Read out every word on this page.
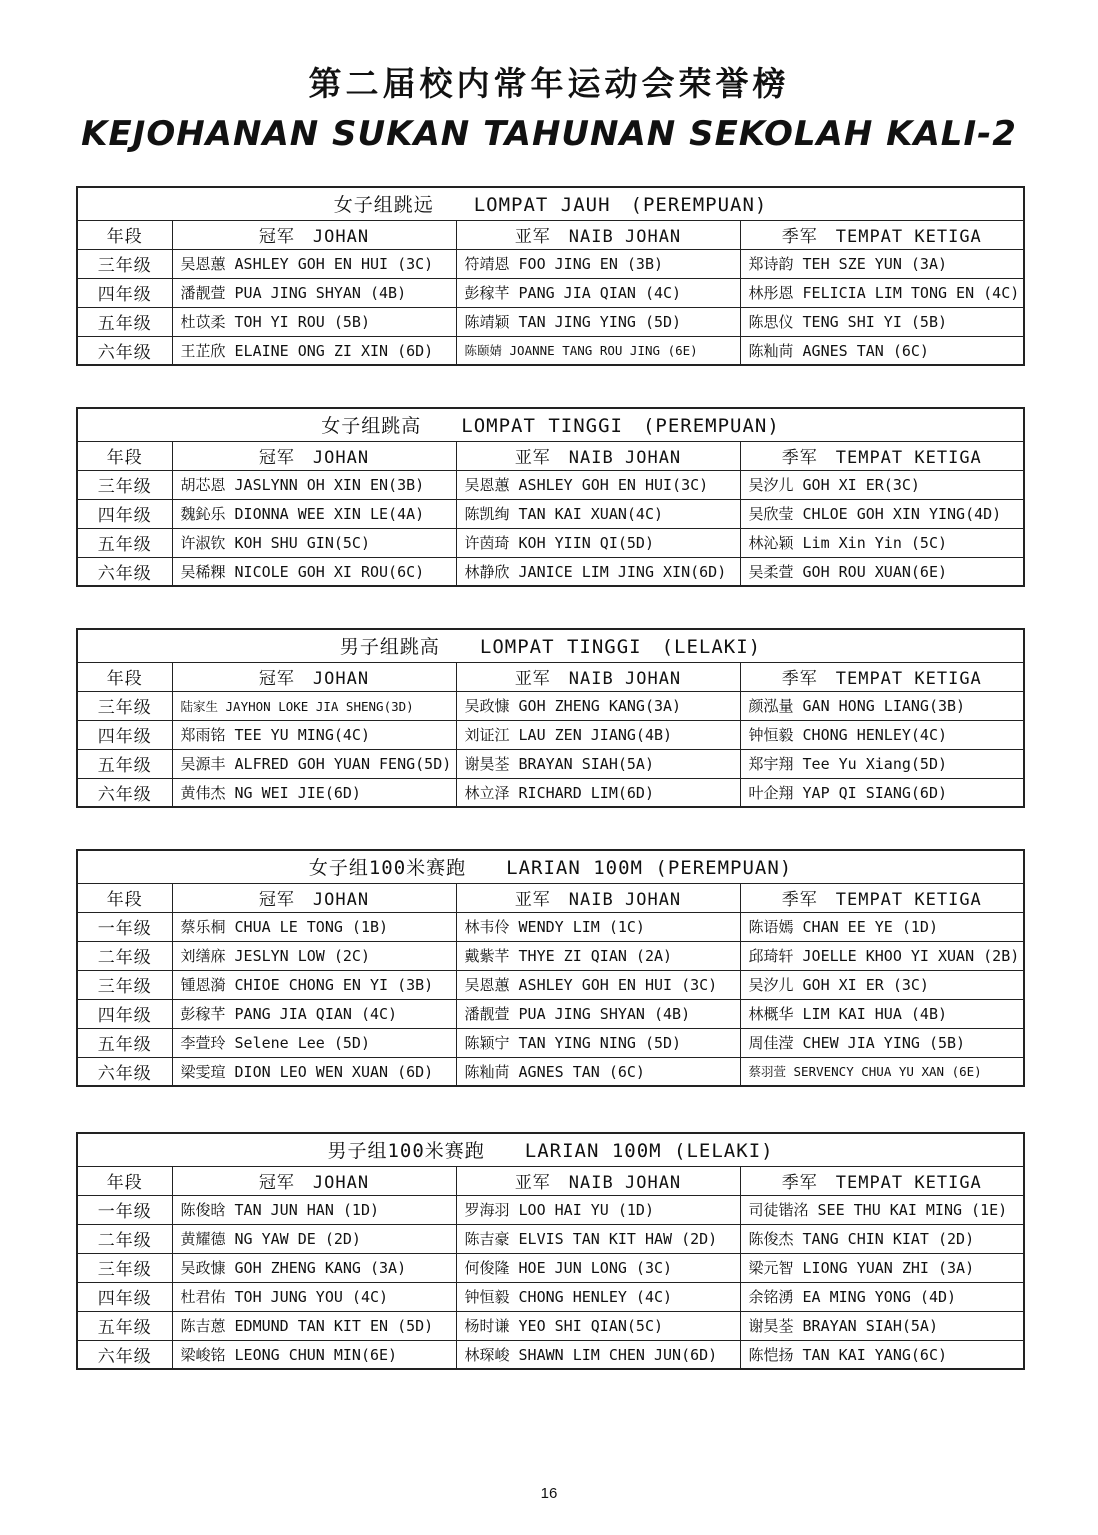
第二届校内常年运动会荣誉榜
KEJOHANAN SUKAN TAHUNAN SEKOLAH KALI-2
女子组跳远　　LOMPAT JAUH　(PEREMPUAN)			
年段	冠军　JOHAN	亚军　NAIB JOHAN	季军　TEMPAT KETIGA
三年级	吴恩蕙 ASHLEY GOH EN HUI (3C)	符靖恩 FOO JING EN (3B)	郑诗韵 TEH SZE YUN (3A)
四年级	潘靓萱 PUA JING SHYAN (4B)	彭稼芊 PANG JIA QIAN (4C)	林彤恩 FELICIA LIM TONG EN (4C)
五年级	杜苡柔 TOH YI ROU (5B)	陈靖颖 TAN JING YING (5D)	陈思仪 TENG SHI YI (5B)
六年级	王芷欣 ELAINE ONG ZI XIN (6D)	陈颐婧 JOANNE TANG ROU JING (6E)	陈籼苘 AGNES TAN (6C)
女子组跳高　　LOMPAT TINGGI　(PEREMPUAN)			
年段	冠军　JOHAN	亚军　NAIB JOHAN	季军　TEMPAT KETIGA
三年级	胡芯恩 JASLYNN OH XIN EN(3B)	吴恩蕙 ASHLEY GOH EN HUI(3C)	吴汐儿 GOH XI ER(3C)
四年级	魏鈊乐 DIONNA WEE XIN LE(4A)	陈凯绚 TAN KAI XUAN(4C)	吴欣莹 CHLOE GOH XIN YING(4D)
五年级	许淑钦 KOH SHU GIN(5C)	许茵琦 KOH YIIN QI(5D)	林沁颖 Lim Xin Yin (5C)
六年级	吴稀粿 NICOLE GOH XI ROU(6C)	林静欣 JANICE LIM JING XIN(6D)	吴柔萱 GOH ROU XUAN(6E)
男子组跳高　　LOMPAT TINGGI　(LELAKI)			
年段	冠军　JOHAN	亚军　NAIB JOHAN	季军　TEMPAT KETIGA
三年级	陆家生 JAYHON LOKE JIA SHENG(3D)	吴政慷 GOH ZHENG KANG(3A)	颜泓量 GAN HONG LIANG(3B)
四年级	郑雨铭 TEE YU MING(4C)	刘证江 LAU ZEN JIANG(4B)	钟恒毅 CHONG HENLEY(4C)
五年级	吴源丰 ALFRED GOH YUAN FENG(5D)	谢昊荃 BRAYAN SIAH(5A)	郑宇翔 Tee Yu Xiang(5D)
六年级	黄伟杰 NG WEI JIE(6D)	林立泽 RICHARD LIM(6D)	叶企翔 YAP QI SIANG(6D)
女子组100米赛跑　　LARIAN 100M (PEREMPUAN)			
年段	冠军　JOHAN	亚军　NAIB JOHAN	季军　TEMPAT KETIGA
一年级	蔡乐桐 CHUA LE TONG (1B)	林韦伶 WENDY LIM (1C)	陈语嫣 CHAN EE YE (1D)
二年级	刘缮庥 JESLYN LOW (2C)	戴紫芊 THYE ZI QIAN (2A)	邱琦轩 JOELLE KHOO YI XUAN (2B)
三年级	锺恩漪 CHIOE CHONG EN YI (3B)	吴恩蕙 ASHLEY GOH EN HUI (3C)	吴汐儿 GOH XI ER (3C)
四年级	彭稼芊 PANG JIA QIAN (4C)	潘靓萱 PUA JING SHYAN (4B)	林概华 LIM KAI HUA (4B)
五年级	李萱玲 Selene Lee (5D)	陈颖宁 TAN YING NING (5D)	周佳滢 CHEW JIA YING (5B)
六年级	梁雯瑄 DION LEO WEN XUAN (6D)	陈籼苘 AGNES TAN (6C)	蔡羽萱 SERVENCY CHUA YU XAN (6E)
男子组100米赛跑　　LARIAN 100M (LELAKI)			
年段	冠军　JOHAN	亚军　NAIB JOHAN	季军　TEMPAT KETIGA
一年级	陈俊晗 TAN JUN HAN (1D)	罗海羽 LOO HAI YU (1D)	司徒锴洺 SEE THU KAI MING (1E)
二年级	黄耀德 NG YAW DE (2D)	陈吉豪 ELVIS TAN KIT HAW (2D)	陈俊杰 TANG CHIN KIAT (2D)
三年级	吴政慷 GOH ZHENG KANG (3A)	何俊隆 HOE JUN LONG (3C)	梁元智 LIONG YUAN ZHI (3A)
四年级	杜君佑 TOH JUNG YOU (4C)	钟恒毅 CHONG HENLEY (4C)	余铭湧 EA MING YONG (4D)
五年级	陈吉蒽 EDMUND TAN KIT EN (5D)	杨时谦 YEO SHI QIAN(5C)	谢昊荃 BRAYAN SIAH(5A)
六年级	梁峻铭 LEONG CHUN MIN(6E)	林琛峻 SHAWN LIM CHEN JUN(6D)	陈恺扬 TAN KAI YANG(6C)
16
